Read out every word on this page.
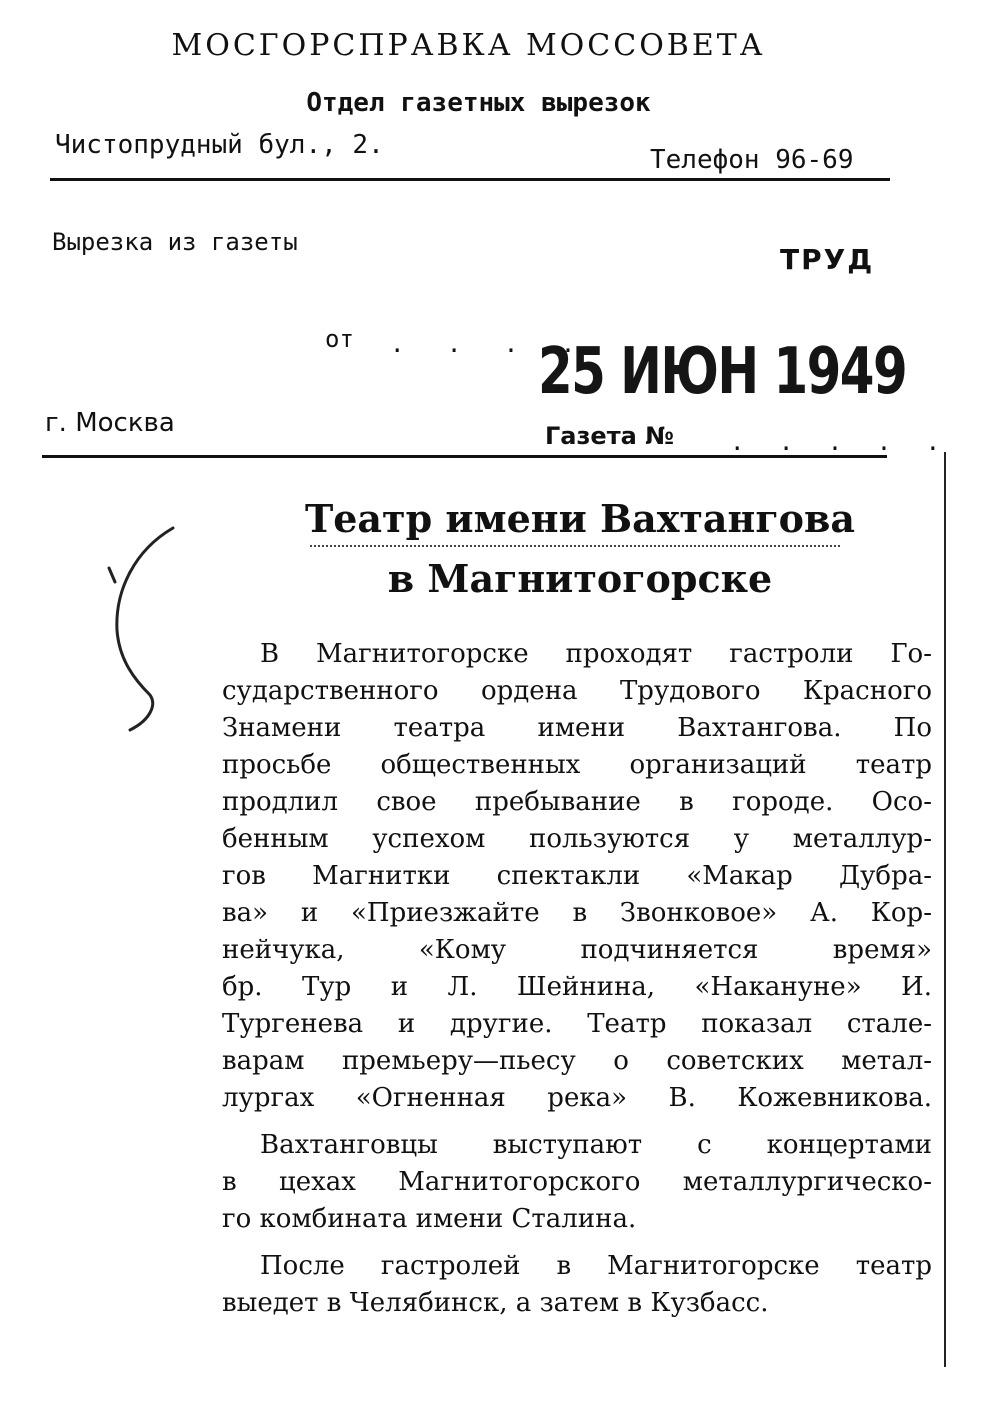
МОСГОРСПРАВКА МОССОВЕТА
Отдел газетных вырезок
Чистопрудный бул., 2.	Телефон 96-69
Вырезка из газеты
ТРУД
от . . . .
25 ИЮН 1949
г. Москва	Газета № . . . . .
Театр имени Вахтангова
в Магнитогорске
В Магнитогорске проходят гастроли Го-
сударственного ордена Трудового Красного
Знамени театра имени Вахтангова. По
просьбе общественных организаций театр
продлил свое пребывание в городе. Осо-
бенным успехом пользуются у металлур-
гов Магнитки спектакли «Макар Дубра-
ва» и «Приезжайте в Звонковое» А. Кор-
нейчука, «Кому подчиняется время»
бр. Тур и Л. Шейнина, «Накануне» И.
Тургенева и другие. Театр показал стале-
варам премьеру—пьесу о советских метал-
лургах «Огненная река» В. Кожевникова.
Вахтанговцы выступают с концертами
в цехах Магнитогорского металлургическо-
го комбината имени Сталина.
После гастролей в Магнитогорске театр
выедет в Челябинск, а затем в Кузбасс.
